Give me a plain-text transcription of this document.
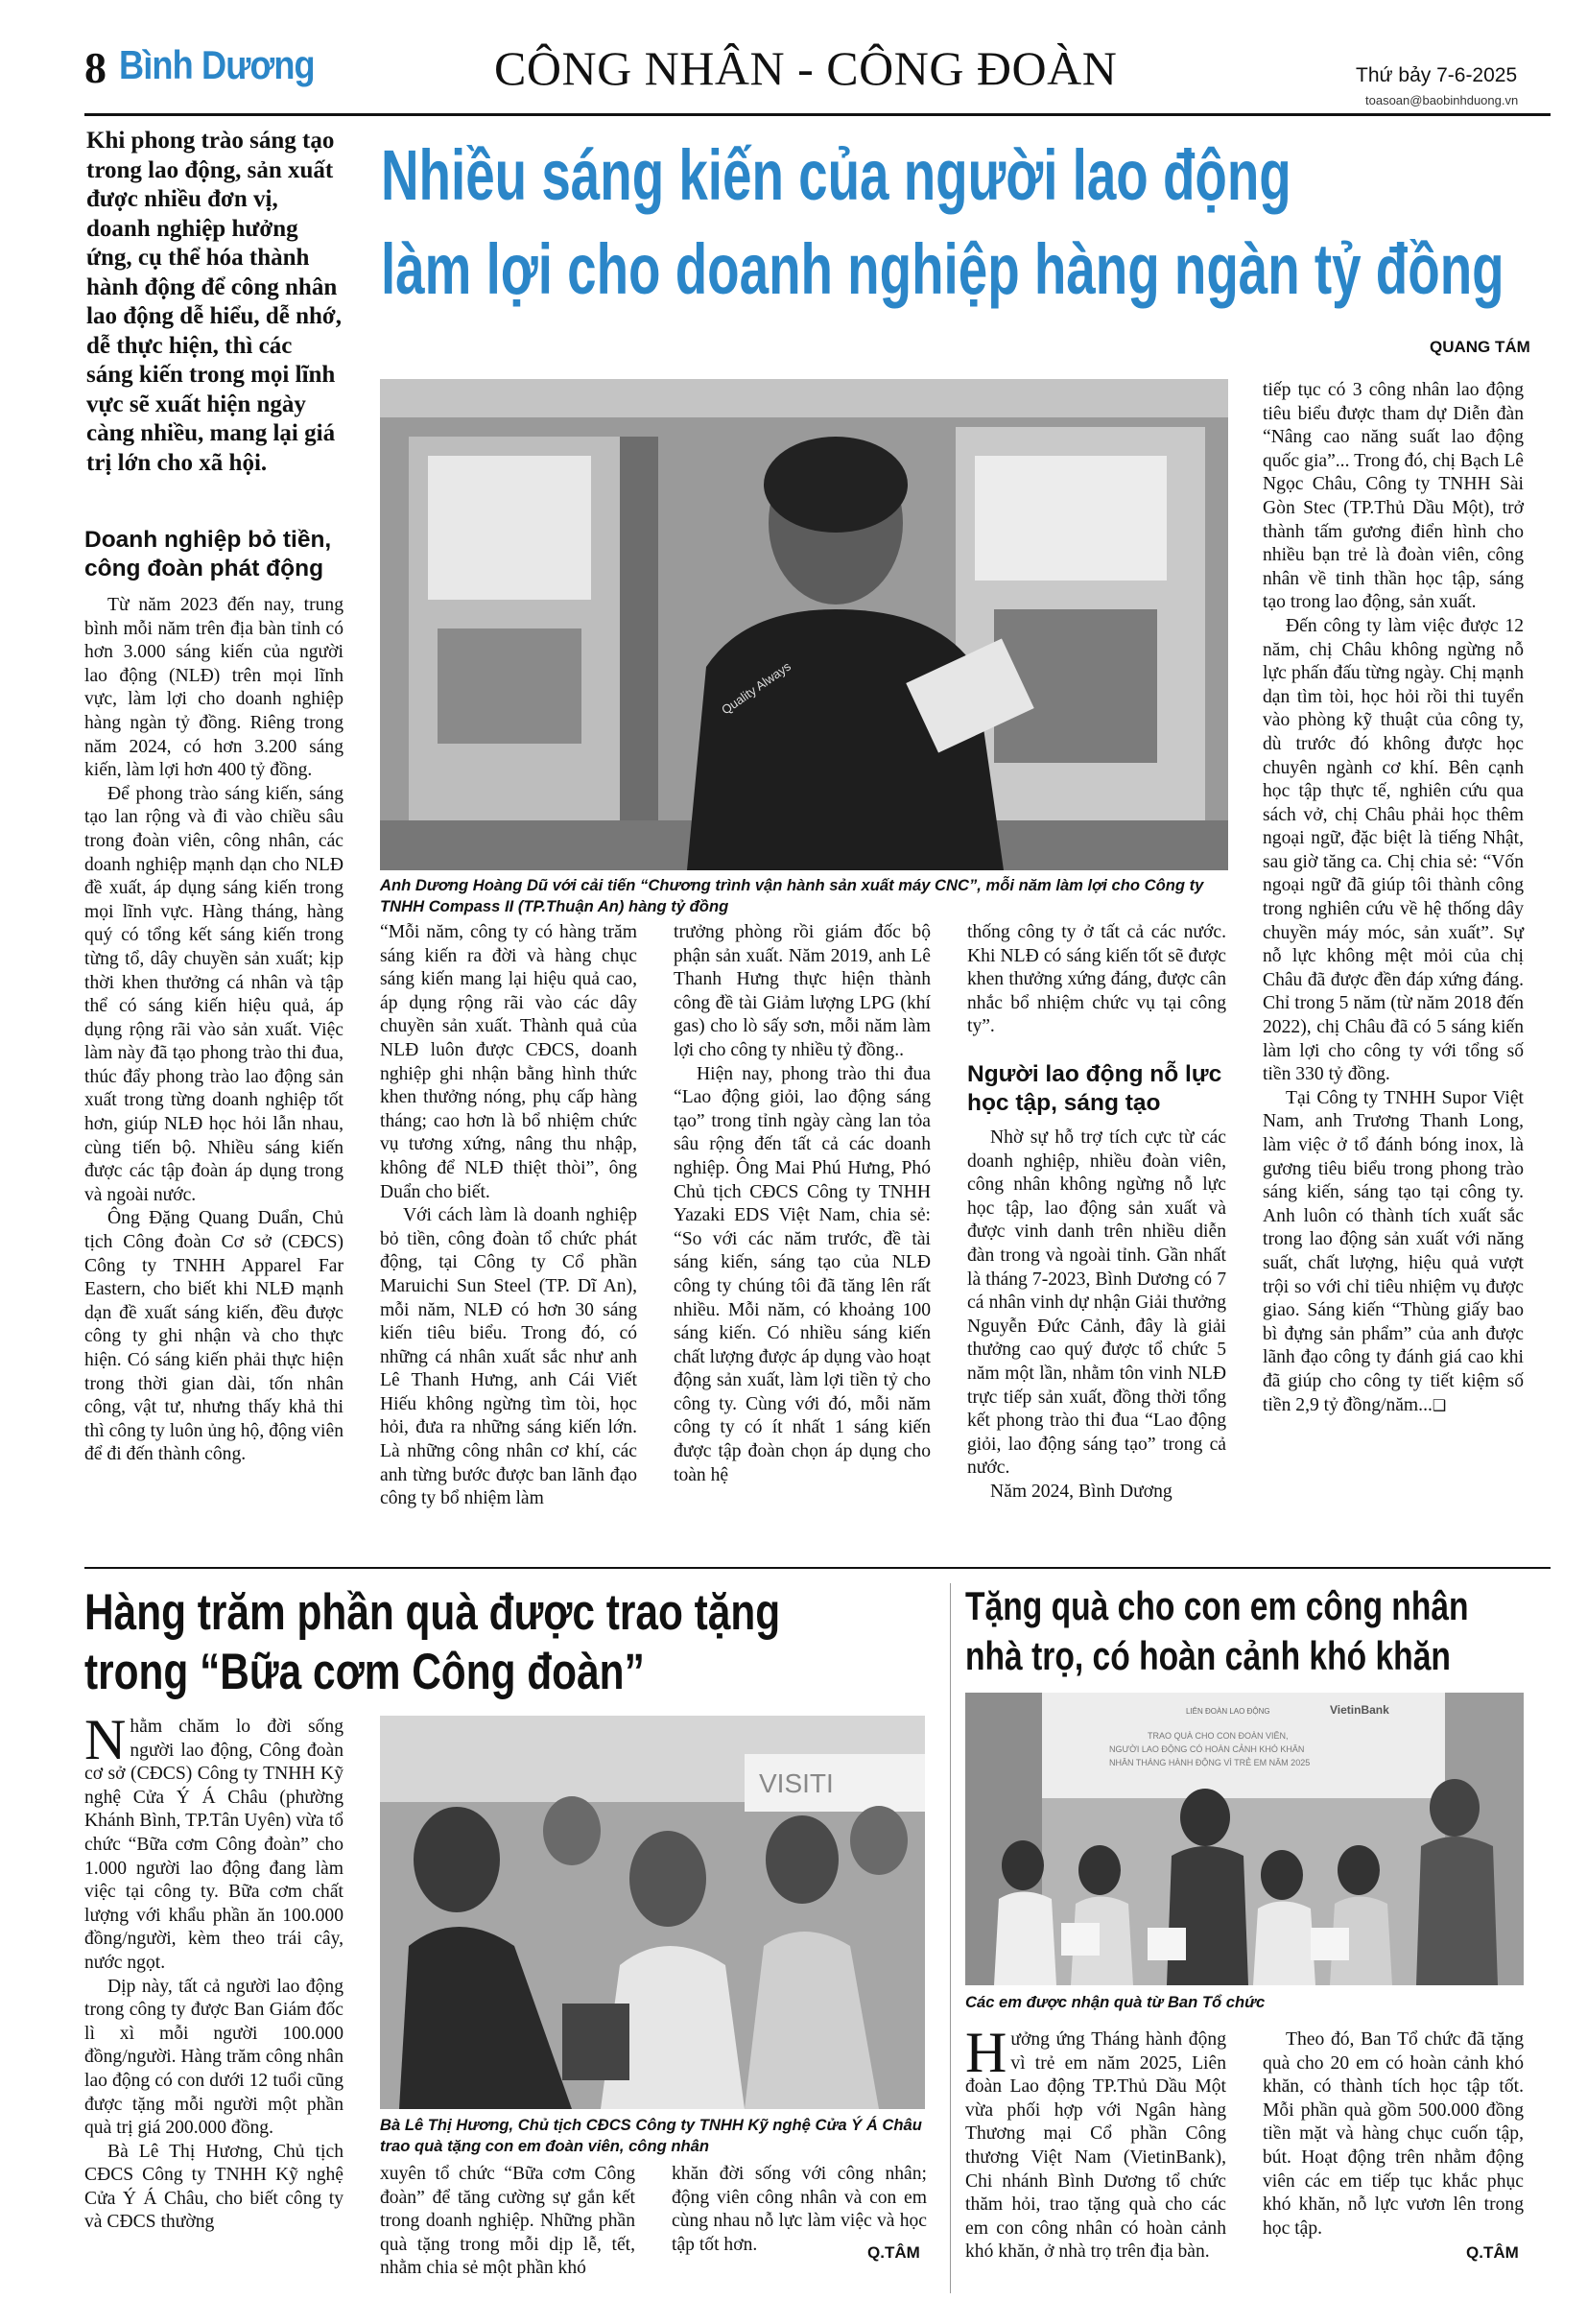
8 Bình Dương	CÔNG NHÂN - CÔNG ĐOÀN	Thứ bảy 7-6-2025
toasoan@baobinhduong.vn
Khi phong trào sáng tạo trong lao động, sản xuất được nhiều đơn vị, doanh nghiệp hưởng ứng, cụ thể hóa thành hành động để công nhân lao động dễ hiểu, dễ nhớ, dễ thực hiện, thì các sáng kiến trong mọi lĩnh vực sẽ xuất hiện ngày càng nhiều, mang lại giá trị lớn cho xã hội.
Nhiều sáng kiến của người lao động
làm lợi cho doanh nghiệp hàng ngàn tỷ đồng
QUANG TÁM
Doanh nghiệp bỏ tiền, công đoàn phát động

Từ năm 2023 đến nay, trung bình mỗi năm trên địa bàn tỉnh có hơn 3.000 sáng kiến của người lao động (NLĐ) trên mọi lĩnh vực, làm lợi cho doanh nghiệp hàng ngàn tỷ đồng. Riêng trong năm 2024, có hơn 3.200 sáng kiến, làm lợi hơn 400 tỷ đồng.

Để phong trào sáng kiến, sáng tạo lan rộng và đi vào chiều sâu trong đoàn viên, công nhân, các doanh nghiệp mạnh dạn cho NLĐ đề xuất, áp dụng sáng kiến trong mọi lĩnh vực. Hàng tháng, hàng quý có tổng kết sáng kiến trong từng tổ, dây chuyền sản xuất; kịp thời khen thưởng cá nhân và tập thể có sáng kiến hiệu quả, áp dụng rộng rãi vào sản xuất. Việc làm này đã tạo phong trào thi đua, thúc đẩy phong trào lao động sản xuất trong từng doanh nghiệp tốt hơn, giúp NLĐ học hỏi lẫn nhau, cùng tiến bộ. Nhiều sáng kiến được các tập đoàn áp dụng trong và ngoài nước.

Ông Đặng Quang Duẩn, Chủ tịch Công đoàn Cơ sở (CĐCS) Công ty TNHH Apparel Far Eastern, cho biết khi NLĐ mạnh dạn đề xuất sáng kiến, đều được công ty ghi nhận và cho thực hiện. Có sáng kiến phải thực hiện trong thời gian dài, tốn nhân công, vật tư, nhưng thấy khả thi thì công ty luôn ủng hộ, động viên để đi đến thành công.

Quality Always
Anh Dương Hoàng Dũ với cải tiến “Chương trình vận hành sản xuất máy CNC”, mỗi năm làm lợi cho Công ty TNHH Compass II (TP.Thuận An) hàng tỷ đồng

“Mỗi năm, công ty có hàng trăm sáng kiến ra đời và hàng chục sáng kiến mang lại hiệu quả cao, áp dụng rộng rãi vào các dây chuyền sản xuất. Thành quả của NLĐ luôn được CĐCS, doanh nghiệp ghi nhận bằng hình thức khen thưởng nóng, phụ cấp hàng tháng; cao hơn là bổ nhiệm chức vụ tương xứng, nâng thu nhập, không để NLĐ thiệt thòi”, ông Duẩn cho biết.

Với cách làm là doanh nghiệp bỏ tiền, công đoàn tổ chức phát động, tại Công ty Cổ phần Maruichi Sun Steel (TP. Dĩ An), mỗi năm, NLĐ có hơn 30 sáng kiến tiêu biểu. Trong đó, có những cá nhân xuất sắc như anh Lê Thanh Hưng, anh Cái Viết Hiếu không ngừng tìm tòi, học hỏi, đưa ra những sáng kiến lớn. Là những công nhân cơ khí, các anh từng bước được ban lãnh đạo công ty bổ nhiệm làm

trưởng phòng rồi giám đốc bộ phận sản xuất. Năm 2019, anh Lê Thanh Hưng thực hiện thành công đề tài Giảm lượng LPG (khí gas) cho lò sấy sơn, mỗi năm làm lợi cho công ty nhiều tỷ đồng..

Hiện nay, phong trào thi đua “Lao động giỏi, lao động sáng tạo” trong tỉnh ngày càng lan tỏa sâu rộng đến tất cả các doanh nghiệp. Ông Mai Phú Hưng, Phó Chủ tịch CĐCS Công ty TNHH Yazaki EDS Việt Nam, chia sẻ: “So với các năm trước, đề tài sáng kiến, sáng tạo của NLĐ công ty chúng tôi đã tăng lên rất nhiều. Mỗi năm, có khoảng 100 sáng kiến. Có nhiều sáng kiến chất lượng được áp dụng vào hoạt động sản xuất, làm lợi tiền tỷ cho công ty. Cùng với đó, mỗi năm công ty có ít nhất 1 sáng kiến được tập đoàn chọn áp dụng cho toàn hệ

thống công ty ở tất cả các nước. Khi NLĐ có sáng kiến tốt sẽ được khen thưởng xứng đáng, được cân nhắc bổ nhiệm chức vụ tại công ty”.

Người lao động nỗ lực học tập, sáng tạo

Nhờ sự hỗ trợ tích cực từ các doanh nghiệp, nhiều đoàn viên, công nhân không ngừng nỗ lực học tập, lao động sản xuất và được vinh danh trên nhiều diễn đàn trong và ngoài tỉnh. Gần nhất là tháng 7-2023, Bình Dương có 7 cá nhân vinh dự nhận Giải thưởng Nguyễn Đức Cảnh, đây là giải thưởng cao quý được tổ chức 5 năm một lần, nhằm tôn vinh NLĐ trực tiếp sản xuất, đồng thời tổng kết phong trào thi đua “Lao động giỏi, lao động sáng tạo” trong cả nước.

Năm 2024, Bình Dương

tiếp tục có 3 công nhân lao động tiêu biểu được tham dự Diễn đàn “Nâng cao năng suất lao động quốc gia”... Trong đó, chị Bạch Lê Ngọc Châu, Công ty TNHH Sài Gòn Stec (TP.Thủ Dầu Một), trở thành tấm gương điển hình cho nhiều bạn trẻ là đoàn viên, công nhân về tinh thần học tập, sáng tạo trong lao động, sản xuất.

Đến công ty làm việc được 12 năm, chị Châu không ngừng nỗ lực phấn đấu từng ngày. Chị mạnh dạn tìm tòi, học hỏi rồi thi tuyển vào phòng kỹ thuật của công ty, dù trước đó không được học chuyên ngành cơ khí. Bên cạnh học tập thực tế, nghiên cứu qua sách vở, chị Châu phải học thêm ngoại ngữ, đặc biệt là tiếng Nhật, sau giờ tăng ca. Chị chia sẻ: “Vốn ngoại ngữ đã giúp tôi thành công trong nghiên cứu về hệ thống dây chuyền máy móc, sản xuất”. Sự nỗ lực không mệt mỏi của chị Châu đã được đền đáp xứng đáng. Chỉ trong 5 năm (từ năm 2018 đến 2022), chị Châu đã có 5 sáng kiến làm lợi cho công ty với tổng số tiền 330 tỷ đồng.

Tại Công ty TNHH Supor Việt Nam, anh Trương Thanh Long, làm việc ở tổ đánh bóng inox, là gương tiêu biểu trong phong trào sáng kiến, sáng tạo tại công ty. Anh luôn có thành tích xuất sắc trong lao động sản xuất với năng suất, chất lượng, hiệu quả vượt trội so với chỉ tiêu nhiệm vụ được giao. Sáng kiến “Thùng giấy bao bì đựng sản phẩm” của anh được lãnh đạo công ty đánh giá cao khi đã giúp cho công ty tiết kiệm số tiền 2,9 tỷ đồng/năm...❑

Hàng trăm phần quà được trao tặng
trong “Bữa cơm Công đoàn”

Nhằm chăm lo đời sống người lao động, Công đoàn cơ sở (CĐCS) Công ty TNHH Kỹ nghệ Cửa Ý Á Châu (phường Khánh Bình, TP.Tân Uyên) vừa tổ chức “Bữa cơm Công đoàn” cho 1.000 người lao động đang làm việc tại công ty. Bữa cơm chất lượng với khẩu phần ăn 100.000 đồng/người, kèm theo trái cây, nước ngọt.

Dịp này, tất cả người lao động trong công ty được Ban Giám đốc lì xì mỗi người 100.000 đồng/người. Hàng trăm công nhân lao động có con dưới 12 tuổi cũng được tặng mỗi người một phần quà trị giá 200.000 đồng.

Bà Lê Thị Hương, Chủ tịch CĐCS Công ty TNHH Kỹ nghệ Cửa Ý Á Châu, cho biết công ty và CĐCS thường

VISITI
Bà Lê Thị Hương, Chủ tịch CĐCS Công ty TNHH Kỹ nghệ Cửa Ý Á Châu trao quà tặng con em đoàn viên, công nhân

xuyên tổ chức “Bữa cơm Công đoàn” để tăng cường sự gắn kết trong doanh nghiệp. Những phần quà tặng trong mỗi dịp lễ, tết, nhằm chia sẻ một phần khó

khăn đời sống với công nhân; động viên công nhân và con em cùng nhau nỗ lực làm việc và học tập tốt hơn.	Q.TÂM
Tặng quà cho con em công nhân
nhà trọ, có hoàn cảnh khó khăn
VietinBank
LIÊN ĐOÀN LAO ĐỘNG
TRAO QUÀ CHO CON ĐOÀN VIÊN,
NGƯỜI LAO ĐỘNG CÓ HOÀN CẢNH KHÓ KHĂN
NHÂN THÁNG HÀNH ĐỘNG VÌ TRẺ EM NĂM 2025
Các em được nhận quà từ Ban Tổ chức

Hưởng ứng Tháng hành động vì trẻ em năm 2025, Liên đoàn Lao động TP.Thủ Dầu Một vừa phối hợp với Ngân hàng Thương mại Cổ phần Công thương Việt Nam (VietinBank), Chi nhánh Bình Dương tổ chức thăm hỏi, trao tặng quà cho các em con công nhân có hoàn cảnh khó khăn, ở nhà trọ trên địa bàn.

Theo đó, Ban Tổ chức đã tặng quà cho 20 em có hoàn cảnh khó khăn, có thành tích học tập tốt. Mỗi phần quà gồm 500.000 đồng tiền mặt và hàng chục cuốn tập, bút. Hoạt động trên nhằm động viên các em tiếp tục khắc phục khó khăn, nỗ lực vươn lên trong học tập.

Q.TÂM
